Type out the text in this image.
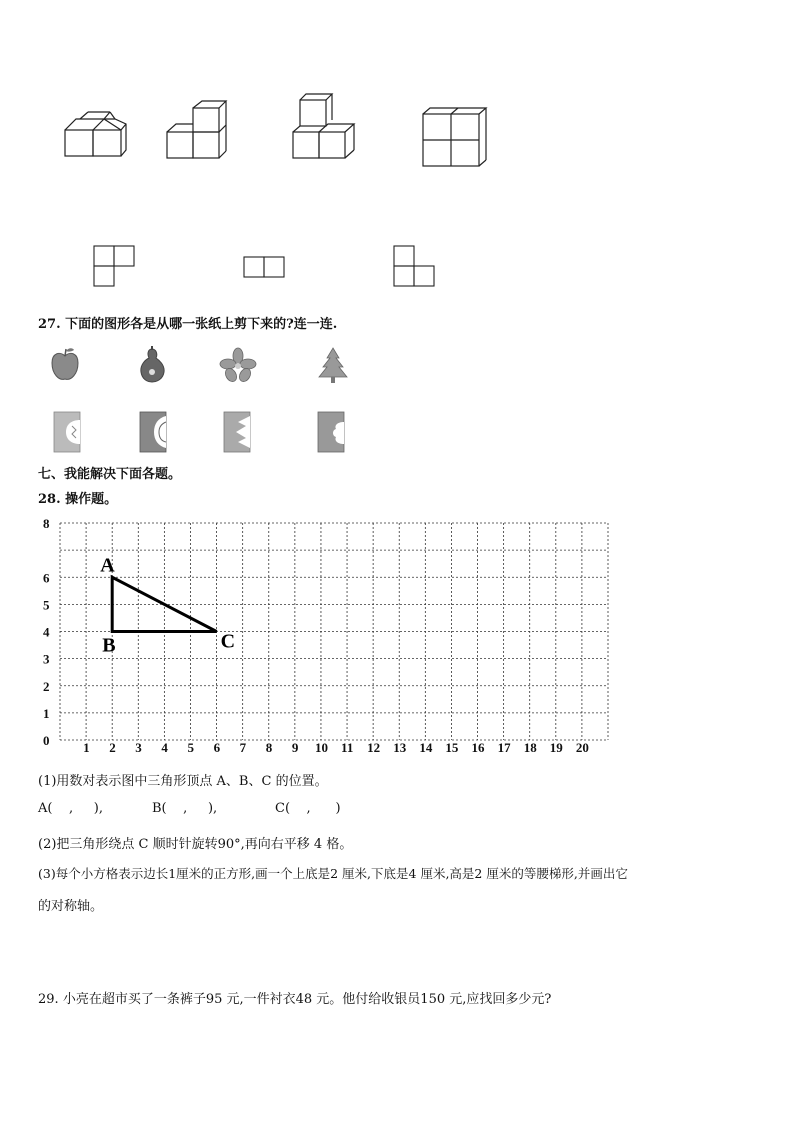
27. 下面的图形各是从哪一张纸上剪下来的?连一连.
七、我能解决下面各题。
28. 操作题。
1 2 3 4 5 6 7 8 9 10 11 12 13 14 15 16 17 18 19 20
0
1
2
3
4
5
6
8
A
B	C
(1)用数对表示图中三角形顶点 A、B、C 的位置。
A(    ,     ),	B(    ,     ),	C(    ,      )
(2)把三角形绕点 C 顺时针旋转90°,再向右平移 4 格。
(3)每个小方格表示边长1厘米的正方形,画一个上底是2 厘米,下底是4 厘米,高是2 厘米的等腰梯形,并画出它
的对称轴。
29. 小亮在超市买了一条裤子95 元,一件衬衣48 元。他付给收银员150 元,应找回多少元?
